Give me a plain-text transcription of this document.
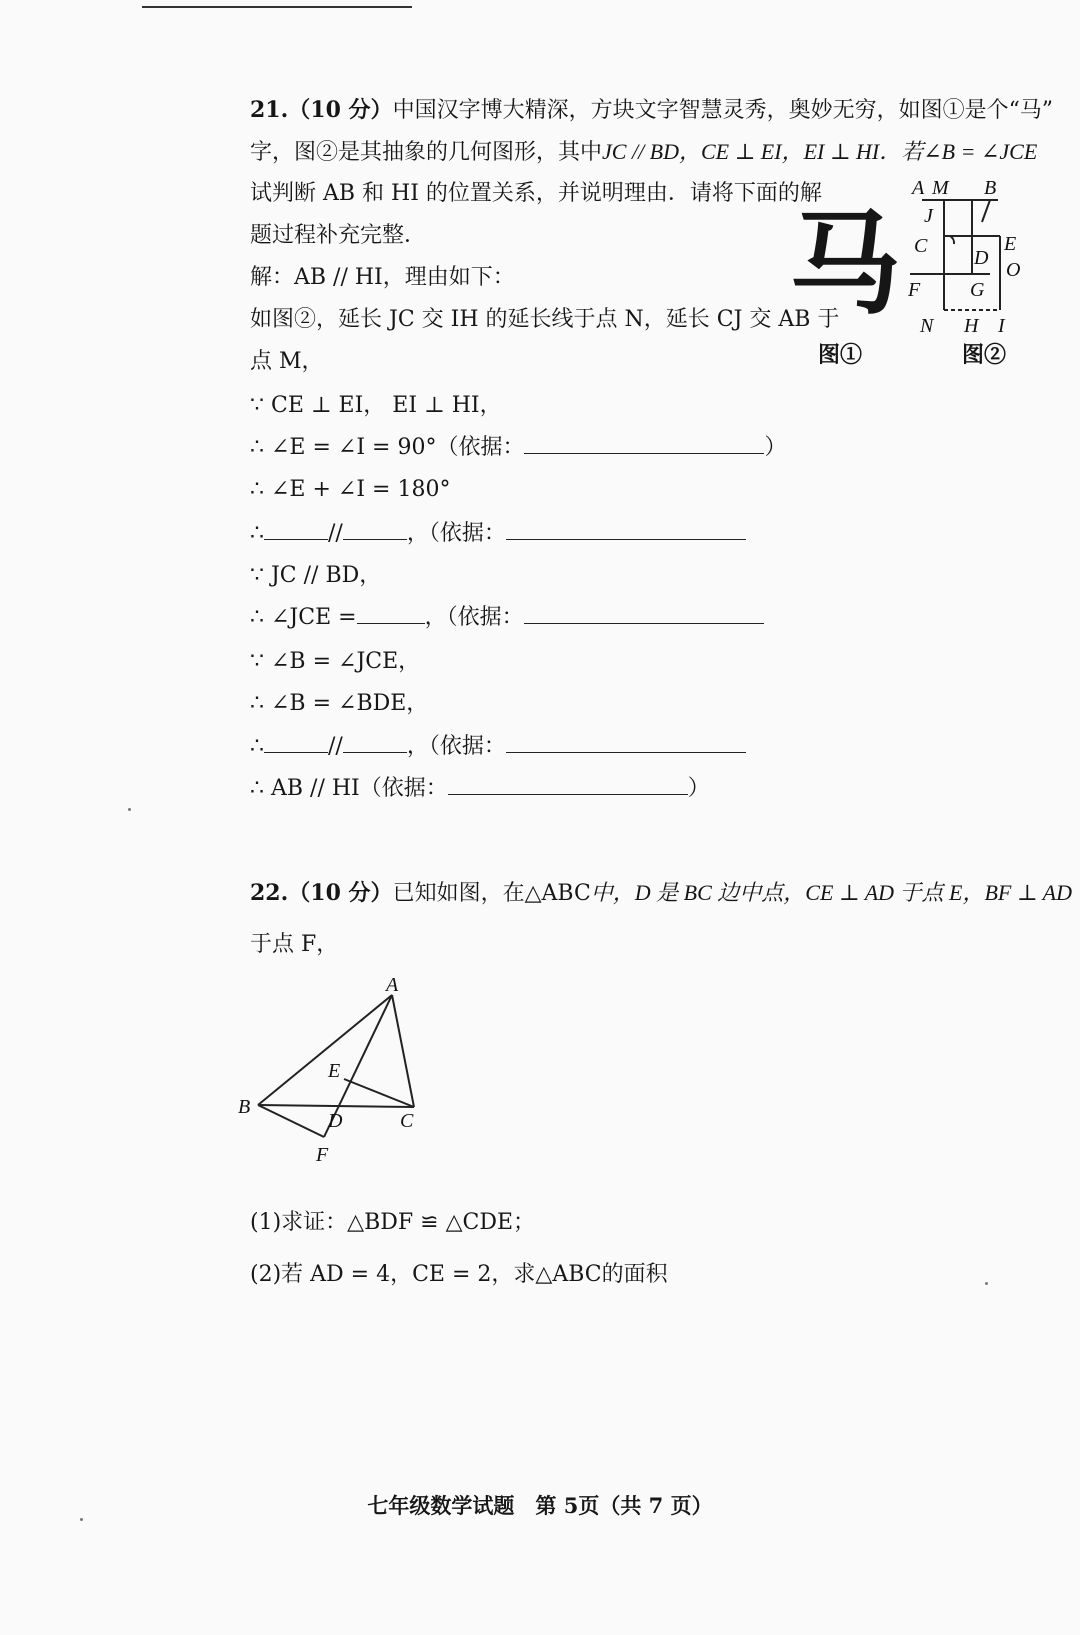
21.（10 分）中国汉字博大精深，方块文字智慧灵秀，奥妙无穷，如图①是个“马”
字，图②是其抽象的几何图形，其中JC // BD，CE ⊥ EI，EI ⊥ HI．若∠B = ∠JCE
试判断 AB 和 HI 的位置关系，并说明理由．请将下面的解
题过程补充完整．
解：AB // HI，理由如下：
如图②，延长 JC 交 IH 的延长线于点 N，延长 CJ 交 AB 于
点 M，
∵ CE ⊥ EI， EI ⊥ HI，
∴ ∠E = ∠I = 90°（依据：	）
∴ ∠E + ∠I = 180°
∴	//	，（依据：
∵ JC // BD，
∴ ∠JCE =	，（依据：
∵ ∠B = ∠JCE，
∴ ∠B = ∠BDE，
∴	//	，（依据：
∴ AB // HI（依据：	）
马
图①
A M B
J
C
D
E
O
F G
N H I
图②
22.（10 分）已知如图，在△ABC中，D 是 BC 边中点，CE ⊥ AD 于点 E，BF ⊥ AD
于点 F，
A
E
B
D	C
F
(1)求证：△BDF ≌ △CDE；
(2)若 AD = 4，CE = 2，求△ABC的面积
七年级数学试题　第 5页（共 7 页）
